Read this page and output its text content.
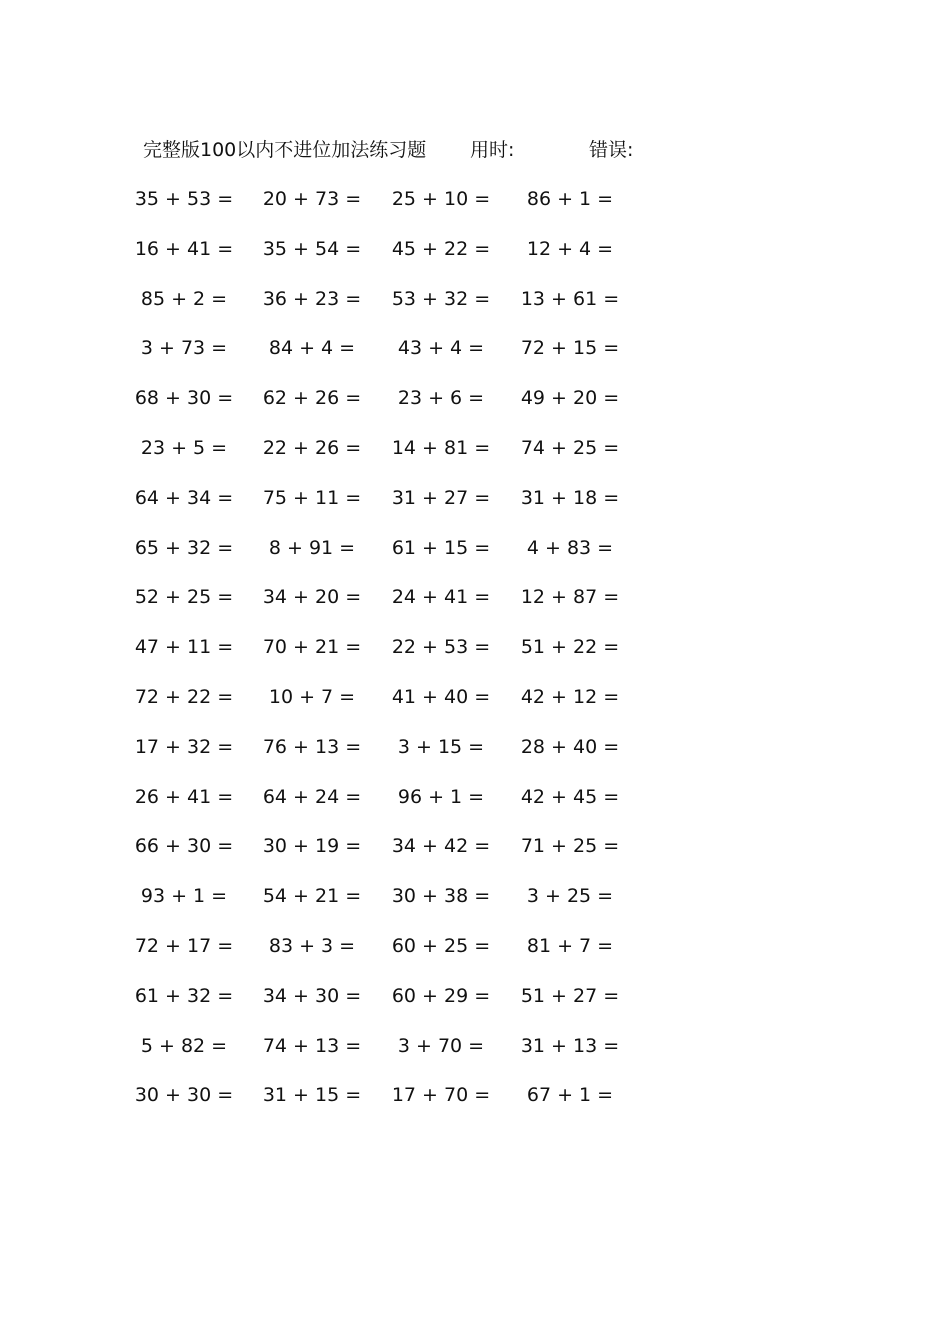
完整版100以内不进位加法练习题 用时:	错误:
35 + 53 =	20 + 73 =	25 + 10 =	86 + 1 =
16 + 41 =	35 + 54 =	45 + 22 =	12 + 4 =
85 + 2 =	36 + 23 =	53 + 32 =	13 + 61 =
3 + 73 =	84 + 4 =	43 + 4 =	72 + 15 =
68 + 30 =	62 + 26 =	23 + 6 =	49 + 20 =
23 + 5 =	22 + 26 =	14 + 81 =	74 + 25 =
64 + 34 =	75 + 11 =	31 + 27 =	31 + 18 =
65 + 32 =	8 + 91 =	61 + 15 =	4 + 83 =
52 + 25 =	34 + 20 =	24 + 41 =	12 + 87 =
47 + 11 =	70 + 21 =	22 + 53 =	51 + 22 =
72 + 22 =	10 + 7 =	41 + 40 =	42 + 12 =
17 + 32 =	76 + 13 =	3 + 15 =	28 + 40 =
26 + 41 =	64 + 24 =	96 + 1 =	42 + 45 =
66 + 30 =	30 + 19 =	34 + 42 =	71 + 25 =
93 + 1 =	54 + 21 =	30 + 38 =	3 + 25 =
72 + 17 =	83 + 3 =	60 + 25 =	81 + 7 =
61 + 32 =	34 + 30 =	60 + 29 =	51 + 27 =
5 + 82 =	74 + 13 =	3 + 70 =	31 + 13 =
30 + 30 =	31 + 15 =	17 + 70 =	67 + 1 =
